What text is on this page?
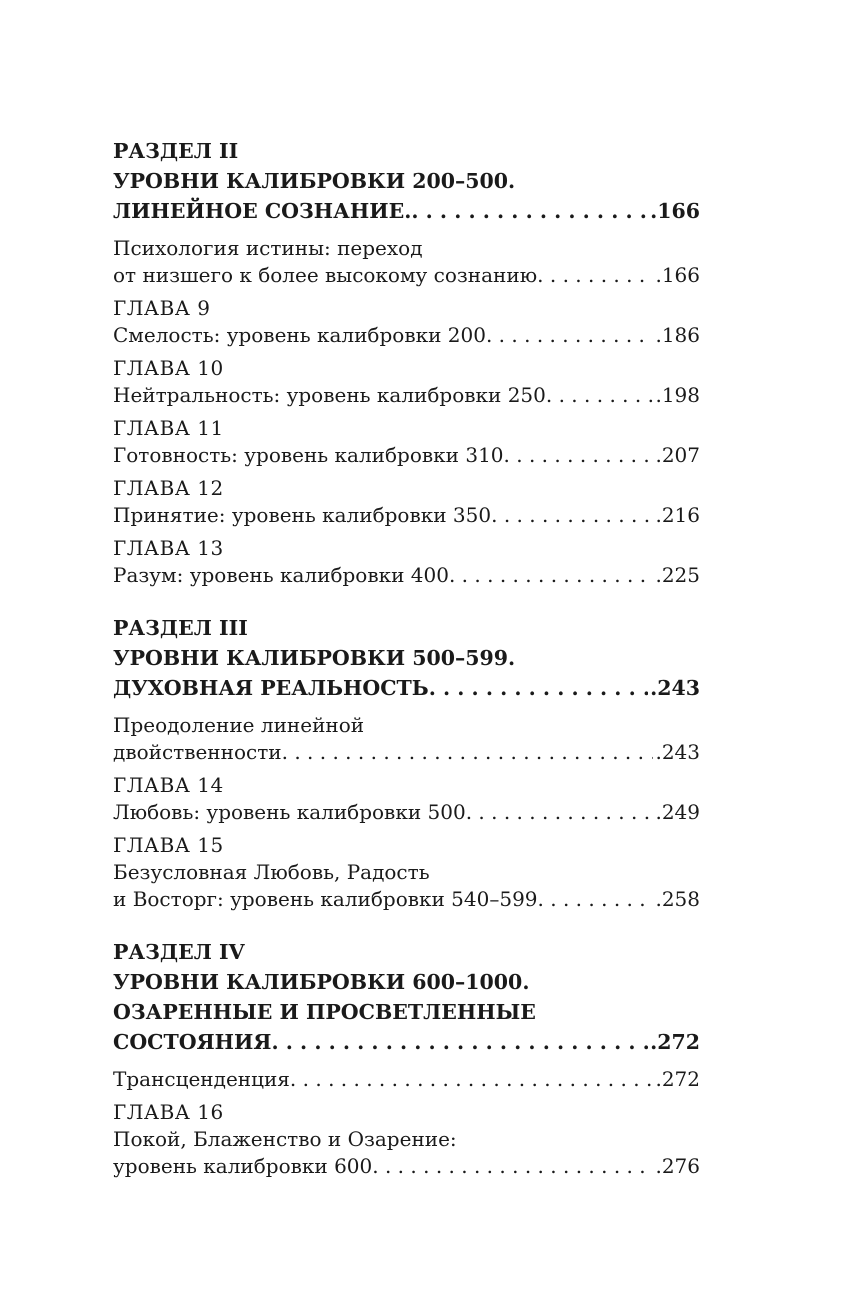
РАЗДЕЛ II
УРОВНИ КАЛИБРОВКИ 200–500.
ЛИНЕЙНОЕ СОЗНАНИЕ. . . .	.166
Психология истины: переход
от низшего к более высокому сознанию . . .	.166
ГЛАВА 9
Смелость: уровень калибровки 200 . . .	.186
ГЛАВА 10
Нейтральность: уровень калибровки 250 . . .	.198
ГЛАВА 11
Готовность: уровень калибровки 310 . . .	.207
ГЛАВА 12
Принятие: уровень калибровки 350 . . .	.216
ГЛАВА 13
Разум: уровень калибровки 400 . . .	.225
РАЗДЕЛ III
УРОВНИ КАЛИБРОВКИ 500–599.
ДУХОВНАЯ РЕАЛЬНОСТЬ . . .	.243
Преодоление линейной
двойственности . . .	.243
ГЛАВА 14
Любовь: уровень калибровки 500 . . .	.249
ГЛАВА 15
Безусловная Любовь, Радость
и Восторг: уровень калибровки 540–599 . . .	.258
РАЗДЕЛ IV
УРОВНИ КАЛИБРОВКИ 600–1000.
ОЗАРЕННЫЕ И ПРОСВЕТЛЕННЫЕ
СОСТОЯНИЯ . . .	.272
Трансценденция . . .	.272
ГЛАВА 16
Покой, Блаженство и Озарение:
уровень калибровки 600 . . .	.276
